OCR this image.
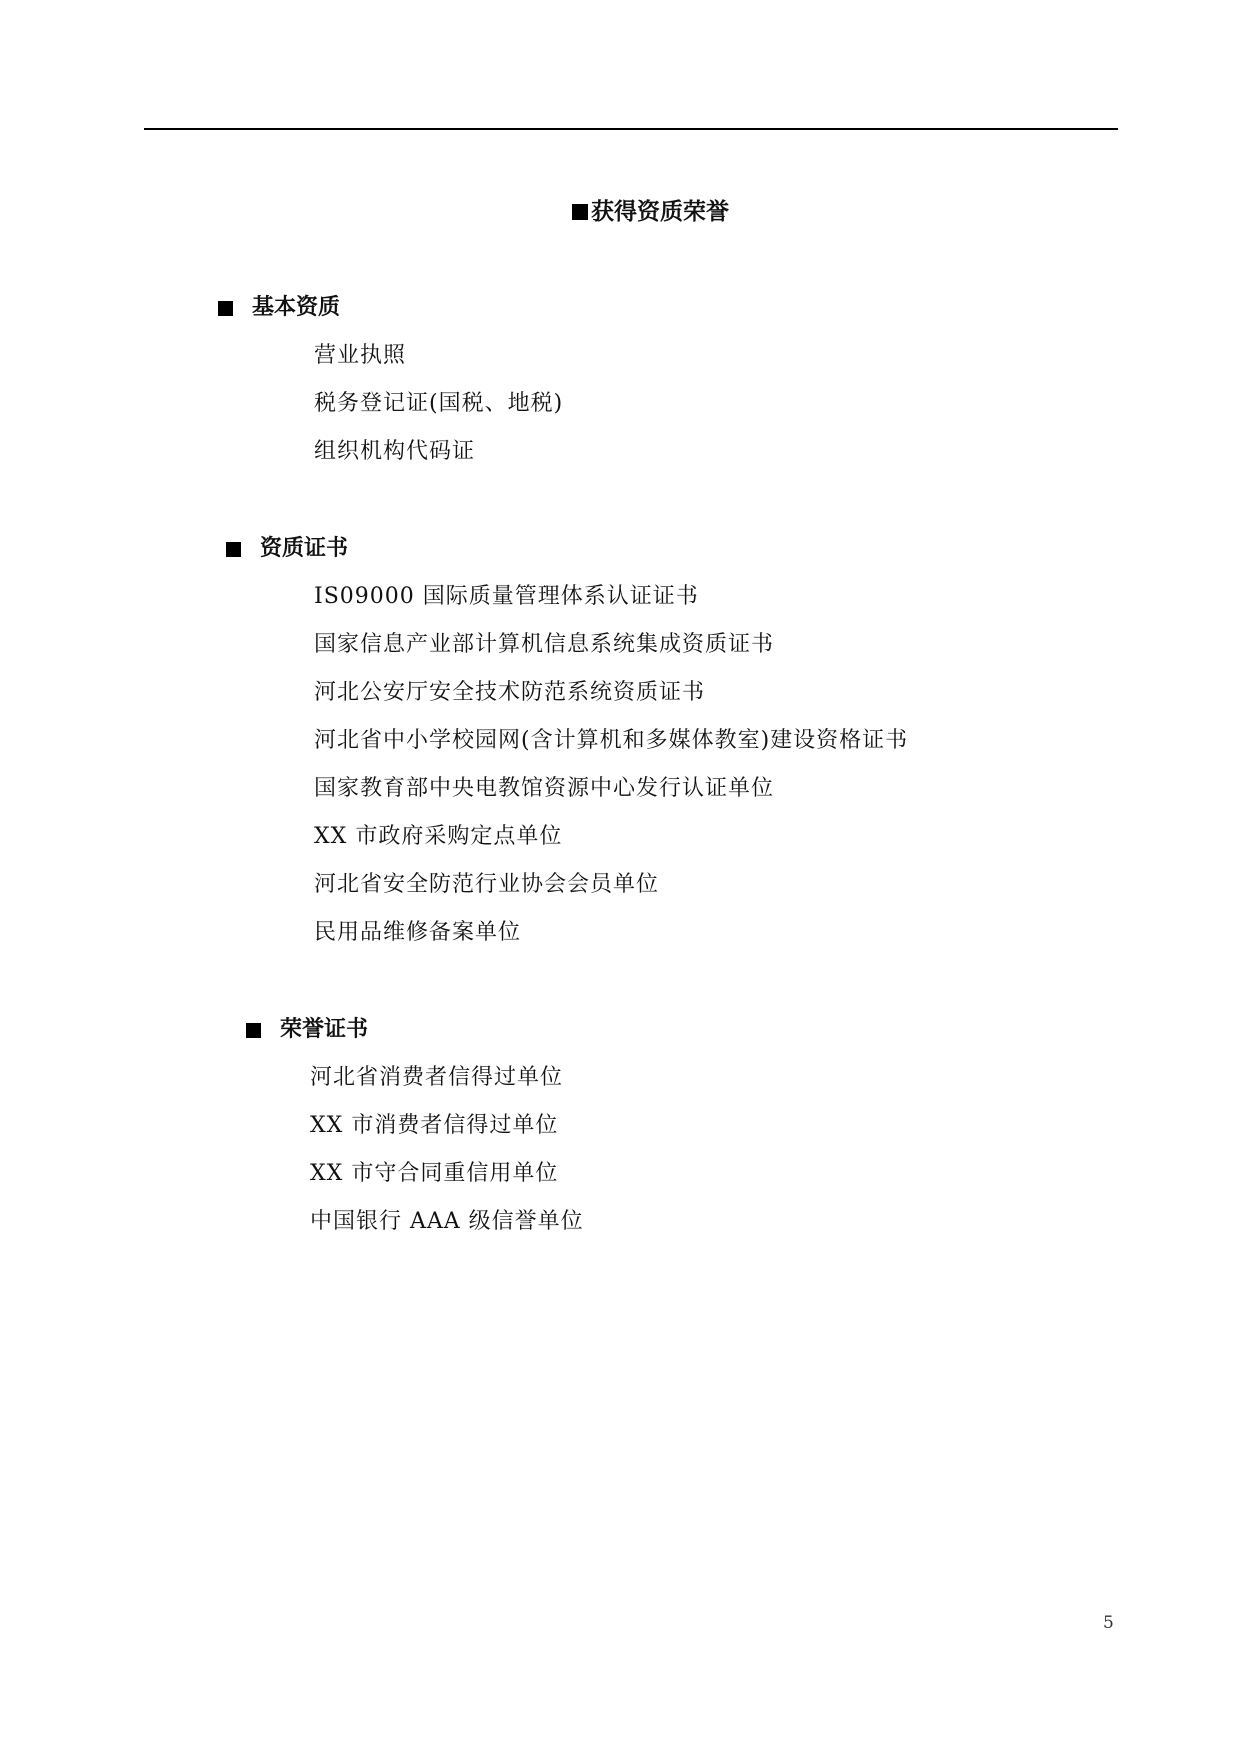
获得资质荣誉
基本资质
营业执照
税务登记证(国税、地税)
组织机构代码证
资质证书
IS09000 国际质量管理体系认证证书
国家信息产业部计算机信息系统集成资质证书
河北公安厅安全技术防范系统资质证书
河北省中小学校园网(含计算机和多媒体教室)建设资格证书
国家教育部中央电教馆资源中心发行认证单位
XX 市政府采购定点单位
河北省安全防范行业协会会员单位
民用品维修备案单位
荣誉证书
河北省消费者信得过单位
XX 市消费者信得过单位
XX 市守合同重信用单位
中国银行 AAA 级信誉单位
5
